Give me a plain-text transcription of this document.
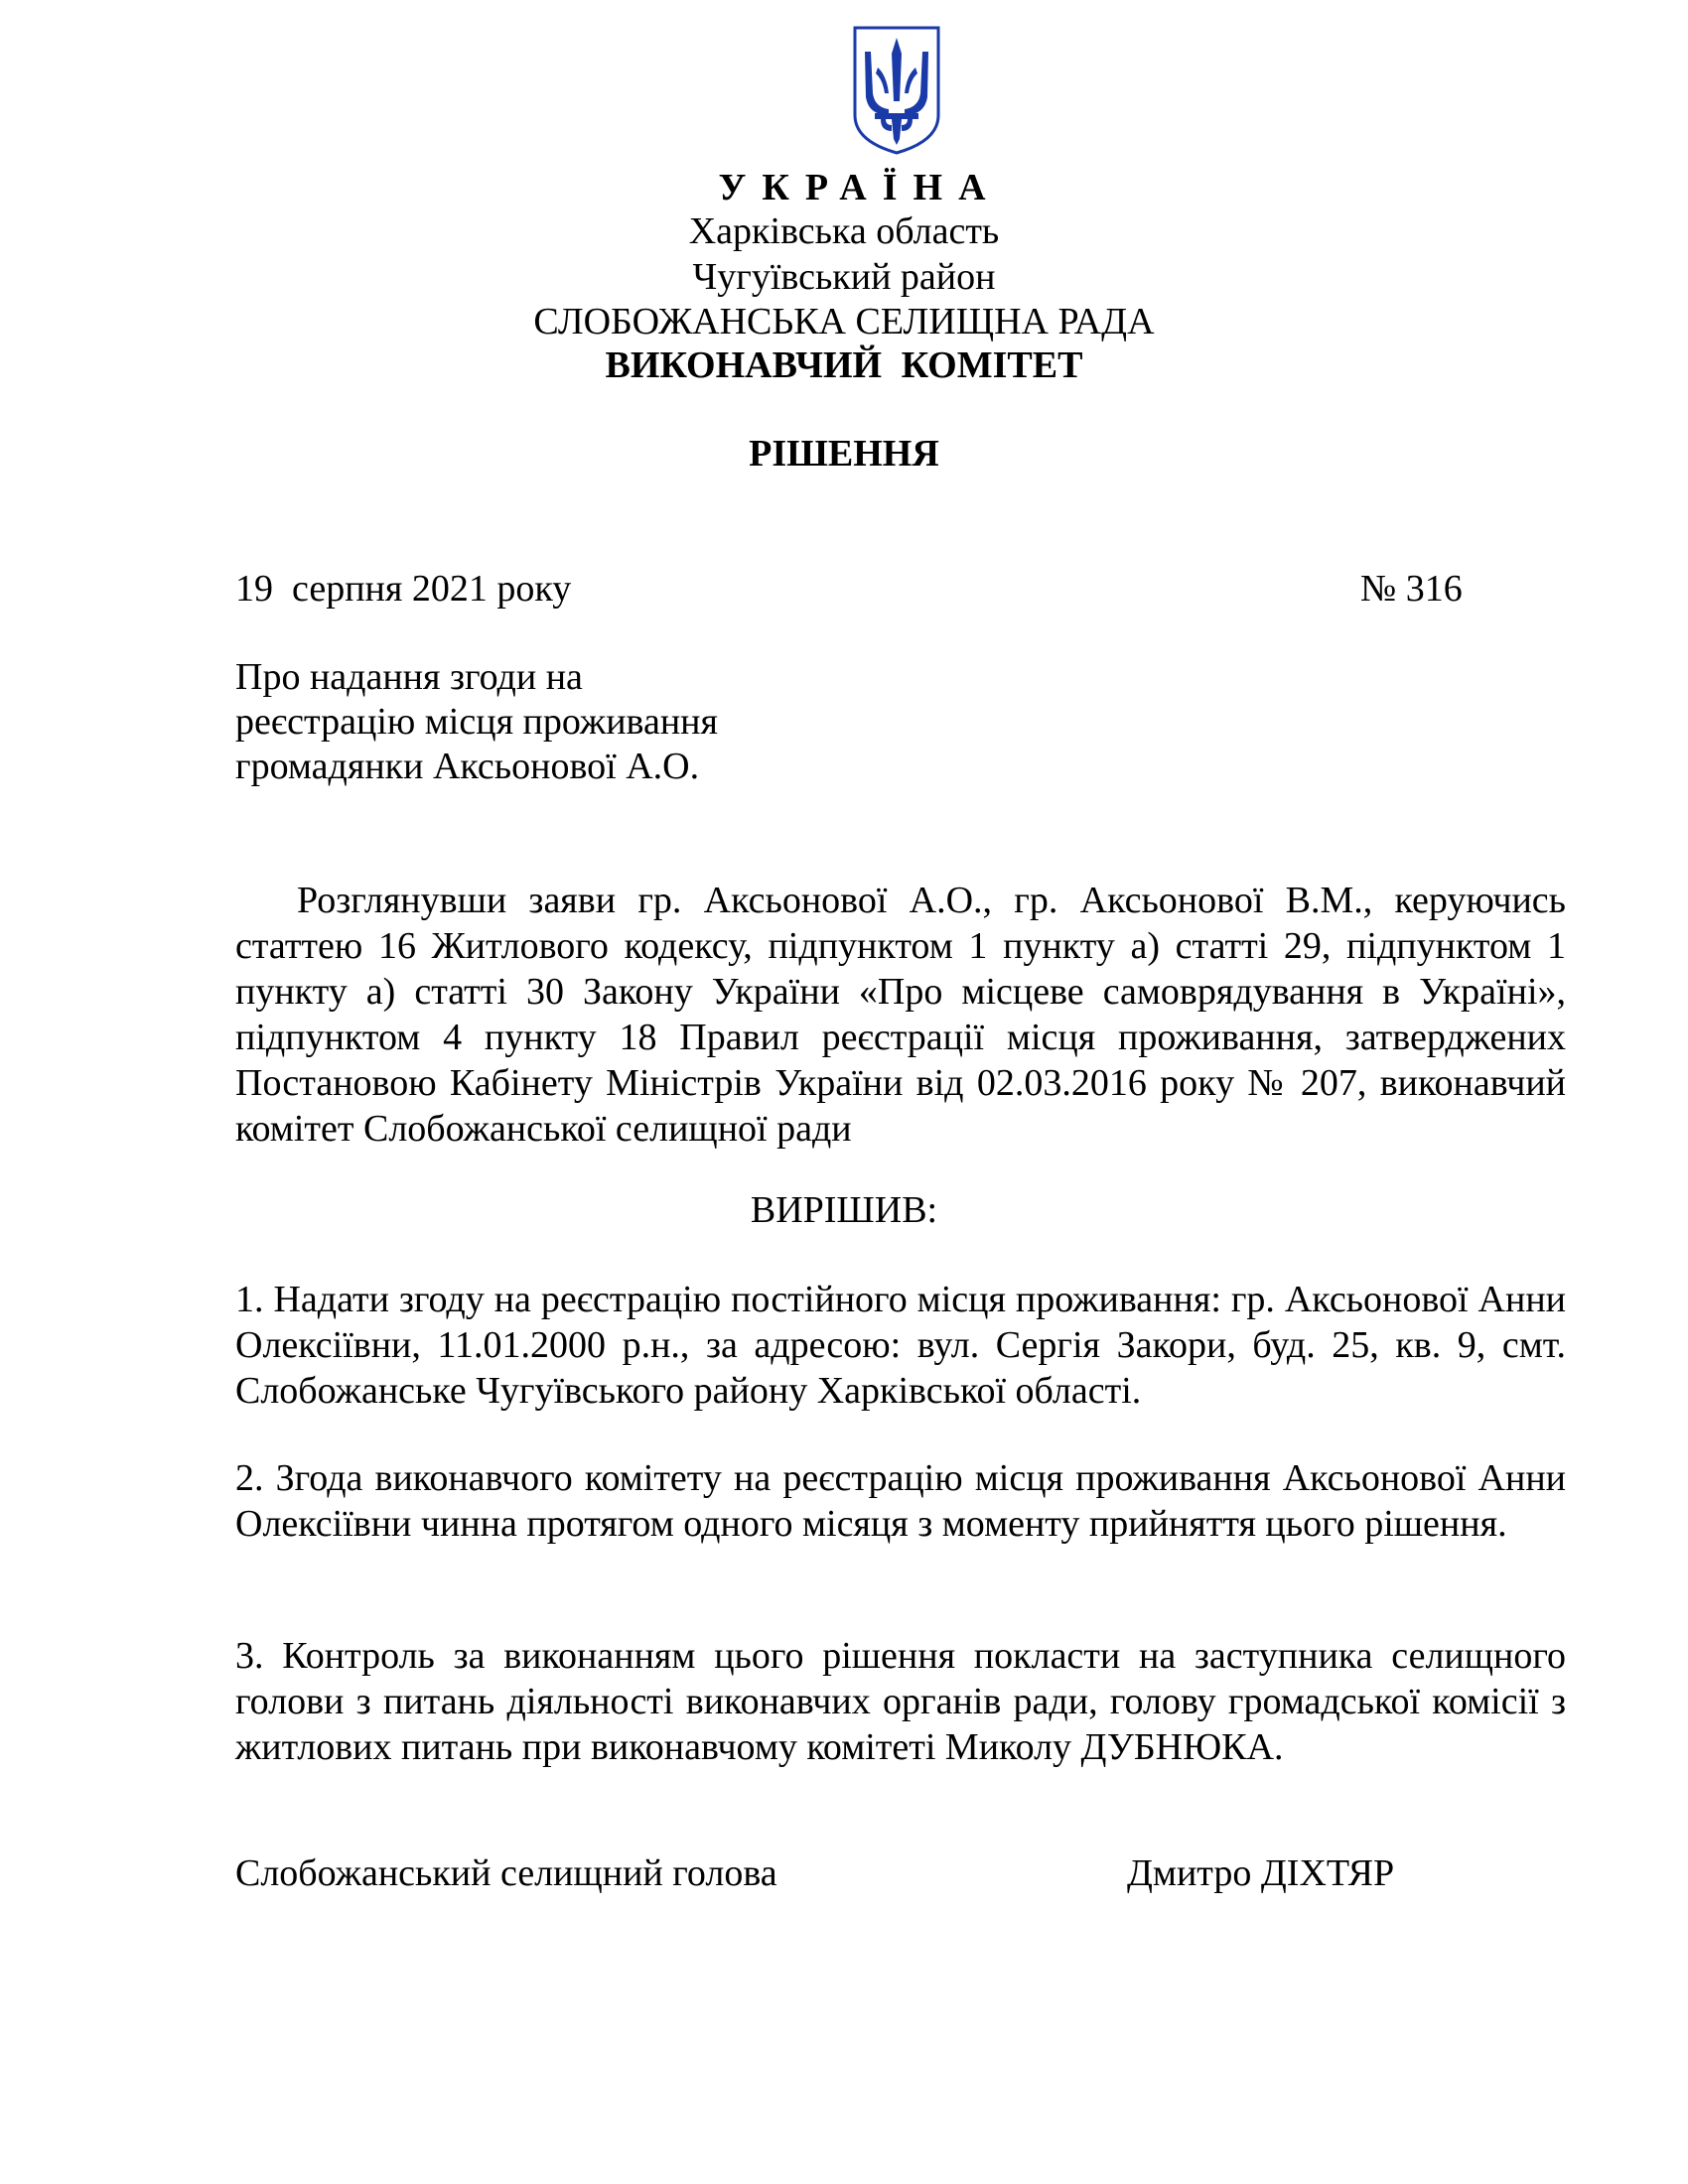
УКРАЇНА
Харківська область
Чугуївський район
СЛОБОЖАНСЬКА СЕЛИЩНА РАДА
ВИКОНАВЧИЙ КОМІТЕТ
РІШЕННЯ
19  серпня 2021 року	№ 316
Про надання згоди на
реєстрацію місця проживання
громадянки Аксьонової А.О.
Розглянувши заяви гр. Аксьонової А.О., гр. Аксьонової В.М., керуючись статтею 16 Житлового кодексу, підпунктом 1 пункту а) статті 29, підпунктом 1 пункту а) статті 30 Закону України «Про місцеве самоврядування в Україні», підпунктом 4 пункту 18 Правил реєстрації місця проживання, затверджених Постановою Кабінету Міністрів України від 02.03.2016 року № 207, виконавчий комітет Слобожанської селищної ради
ВИРІШИВ:
1. Надати згоду на реєстрацію постійного місця проживання: гр. Аксьонової Анни Олексіївни, 11.01.2000 р.н., за адресою: вул. Сергія Закори, буд. 25, кв. 9, смт. Слобожанське Чугуївського району Харківської області.
2. Згода виконавчого комітету на реєстрацію місця проживання Аксьонової Анни Олексіївни чинна протягом одного місяця з моменту прийняття цього рішення.
3. Контроль за виконанням цього рішення покласти на заступника селищного голови з питань діяльності виконавчих органів ради, голову громадської комісії з житлових питань при виконавчому комітеті Миколу ДУБНЮКА.
Слобожанський селищний голова	Дмитро ДІХТЯР
